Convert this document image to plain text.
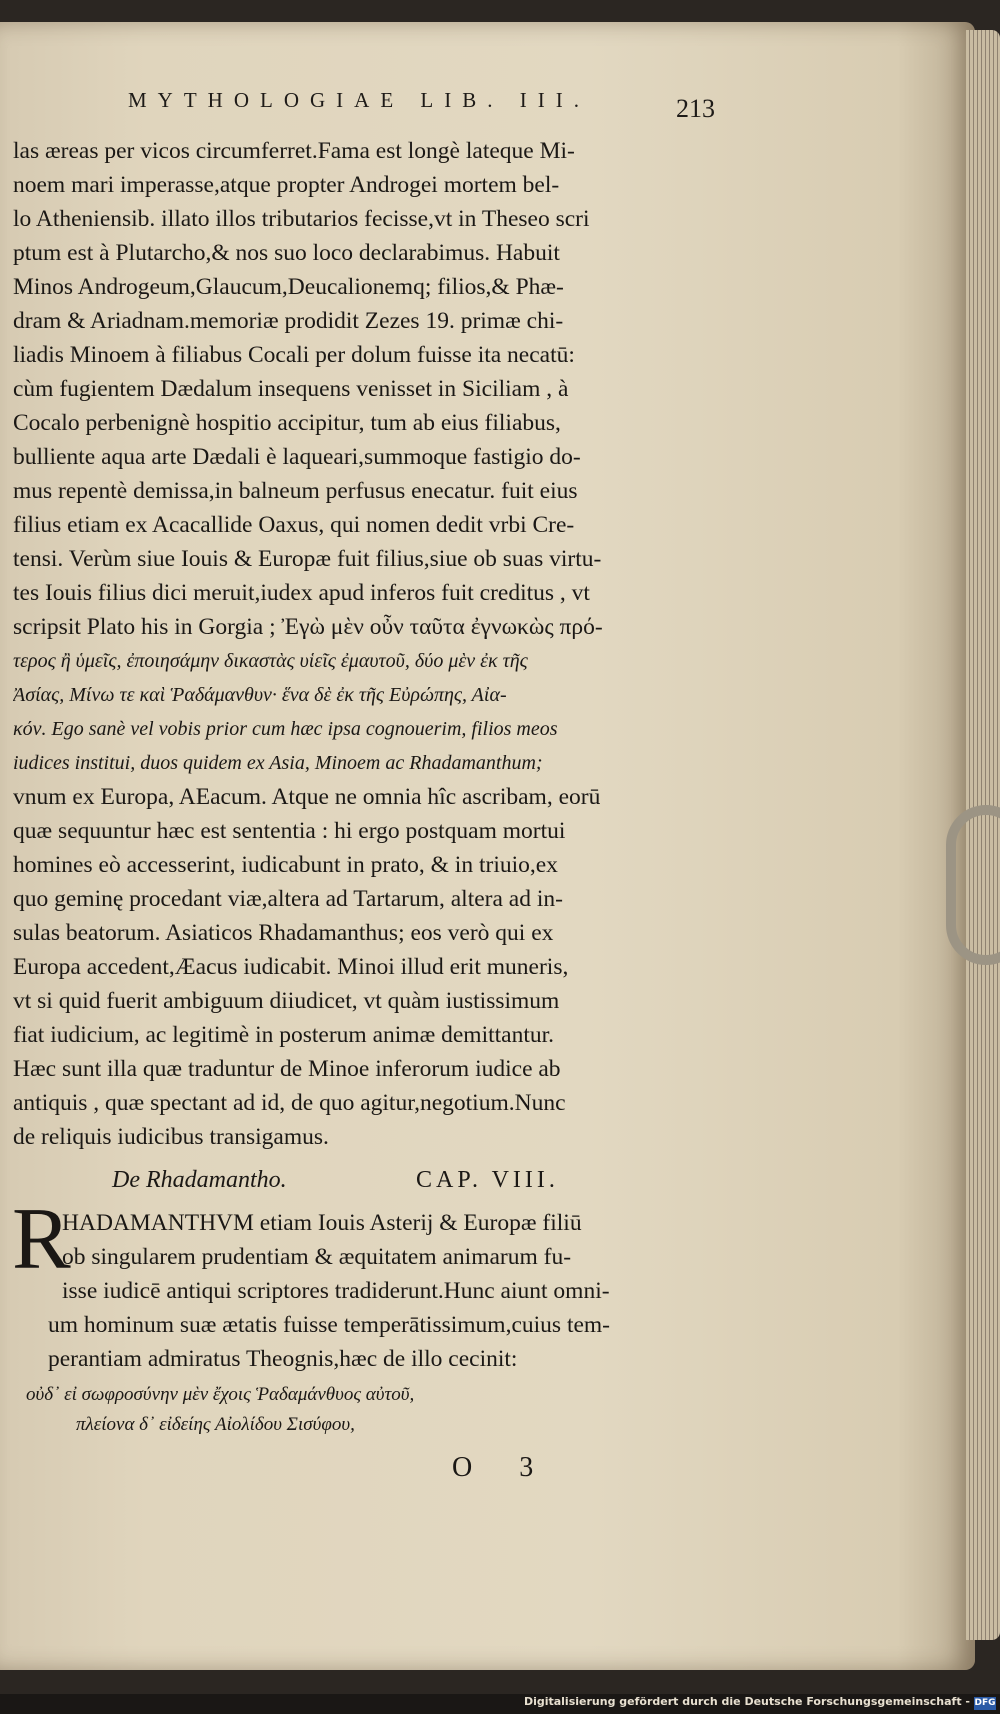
MYTHOLOGIAE LIB. III.	213
las æreas per vicos circumferret.Fama est longè lateque Mi-
noem mari imperasse,atque propter Androgei mortem bel-
lo Atheniensib. illato illos tributarios fecisse,vt in Theseo scri
ptum est à Plutarcho,& nos suo loco declarabimus. Habuit
Minos Androgeum,Glaucum,Deucalionemq; filios,& Phæ-
dram & Ariadnam.memoriæ prodidit Zezes 19. primæ chi-
liadis Minoem à filiabus Cocali per dolum fuisse ita necatū:
cùm fugientem Dædalum insequens venisset in Siciliam , à
Cocalo perbenignè hospitio accipitur, tum ab eius filiabus,
bulliente aqua arte Dædali è laqueari,summoque fastigio do-
mus repentè demissa,in balneum perfusus enecatur. fuit eius
filius etiam ex Acacallide Oaxus, qui nomen dedit vrbi Cre-
tensi. Verùm siue Iouis & Europæ fuit filius,siue ob suas virtu-
tes Iouis filius dici meruit,iudex apud inferos fuit creditus , vt
scripsit Plato his in Gorgia ; Ἐγὼ μὲν οὖν ταῦτα ἐγνωκὼς πρό-
τερος ἢ ὑμεῖς, ἐποιησάμην δικαστὰς υἱεῖς ἐμαυτοῦ, δύο μὲν ἐκ τῆς
Ἀσίας, Μίνω τε καὶ Ῥαδάμανθυν· ἕνα δὲ ἐκ τῆς Εὐρώπης, Αἰα-
κόν. Ego sanè vel vobis prior cum hæc ipsa cognouerim, filios meos
iudices institui, duos quidem ex Asia, Minoem ac Rhadamanthum;
vnum ex Europa, AEacum. Atque ne omnia hîc ascribam, eorū
quæ sequuntur hæc est sententia : hi ergo postquam mortui
homines eò accesserint, iudicabunt in prato, & in triuio,ex
quo geminę procedant viæ,altera ad Tartarum, altera ad in-
sulas beatorum. Asiaticos Rhadamanthus; eos verò qui ex
Europa accedent,Æacus iudicabit. Minoi illud erit muneris,
vt si quid fuerit ambiguum diiudicet, vt quàm iustissimum
fiat iudicium, ac legitimè in posterum animæ demittantur.
Hæc sunt illa quæ traduntur de Minoe inferorum iudice ab
antiquis , quæ spectant ad id, de quo agitur,negotium.Nunc
de reliquis iudicibus transigamus.
De Rhadamantho.	CAP. VIII.
R
HADAMANTHVM etiam Iouis Asterij & Europæ filiū
ob singularem prudentiam & æquitatem animarum fu-
isse iudicē antiqui scriptores tradiderunt.Hunc aiunt omni-
um hominum suæ ætatis fuisse temperātissimum,cuius tem-
perantiam admiratus Theognis,hæc de illo cecinit:
οὐδ᾽ εἰ σωφροσύνην μὲν ἔχοις Ῥαδαμάνθυος αὐτοῦ,
πλείονα δ᾽ εἰδείης Αἰολίδου Σισύφου,
O 3
Digitalisierung gefördert durch die Deutsche Forschungsgemeinschaft - DFG
